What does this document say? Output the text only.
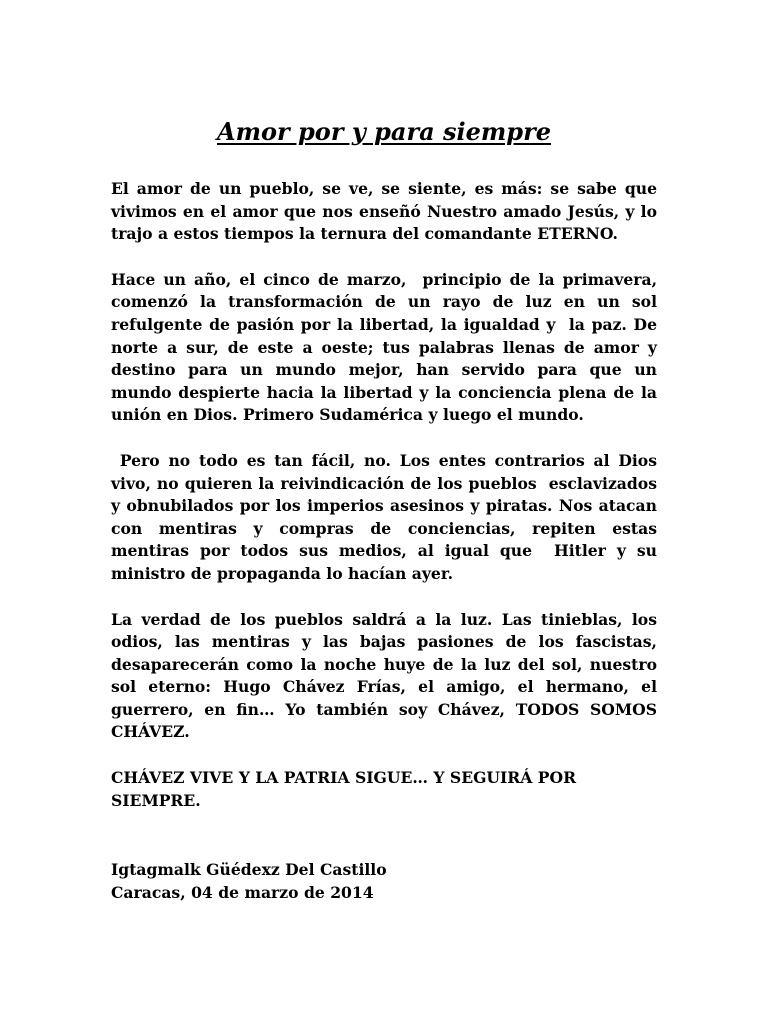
Amor por y para siempre

El amor de un pueblo, se ve, se siente, es más: se sabe que vivimos en el amor que nos enseñó Nuestro amado Jesús, y lo trajo a estos tiempos la ternura del comandante ETERNO.

Hace un año, el cinco de marzo,  principio de la primavera, comenzó la transformación de un rayo de luz en un sol refulgente de pasión por la libertad, la igualdad y  la paz. De norte a sur, de este a oeste; tus palabras llenas de amor y destino para un mundo mejor, han servido para que un mundo despierte hacia la libertad y la conciencia plena de la unión en Dios. Primero Sudamérica y luego el mundo.

Pero no todo es tan fácil, no. Los entes contrarios al Dios vivo, no quieren la reivindicación de los pueblos  esclavizados y obnubilados por los imperios asesinos y piratas. Nos atacan con mentiras y compras de conciencias, repiten estas mentiras por todos sus medios, al igual que  Hitler y su ministro de propaganda lo hacían ayer.

La verdad de los pueblos saldrá a la luz. Las tinieblas, los odios, las mentiras y las bajas pasiones de los fascistas, desaparecerán como la noche huye de la luz del sol, nuestro sol eterno: Hugo Chávez Frías, el amigo, el hermano, el guerrero, en fin… Yo también soy Chávez, TODOS SOMOS CHÁVEZ.

CHÁVEZ VIVE Y LA PATRIA SIGUE… Y SEGUIRÁ POR SIEMPRE.

Igtagmalk Güédexz Del Castillo

Caracas, 04 de marzo de 2014
